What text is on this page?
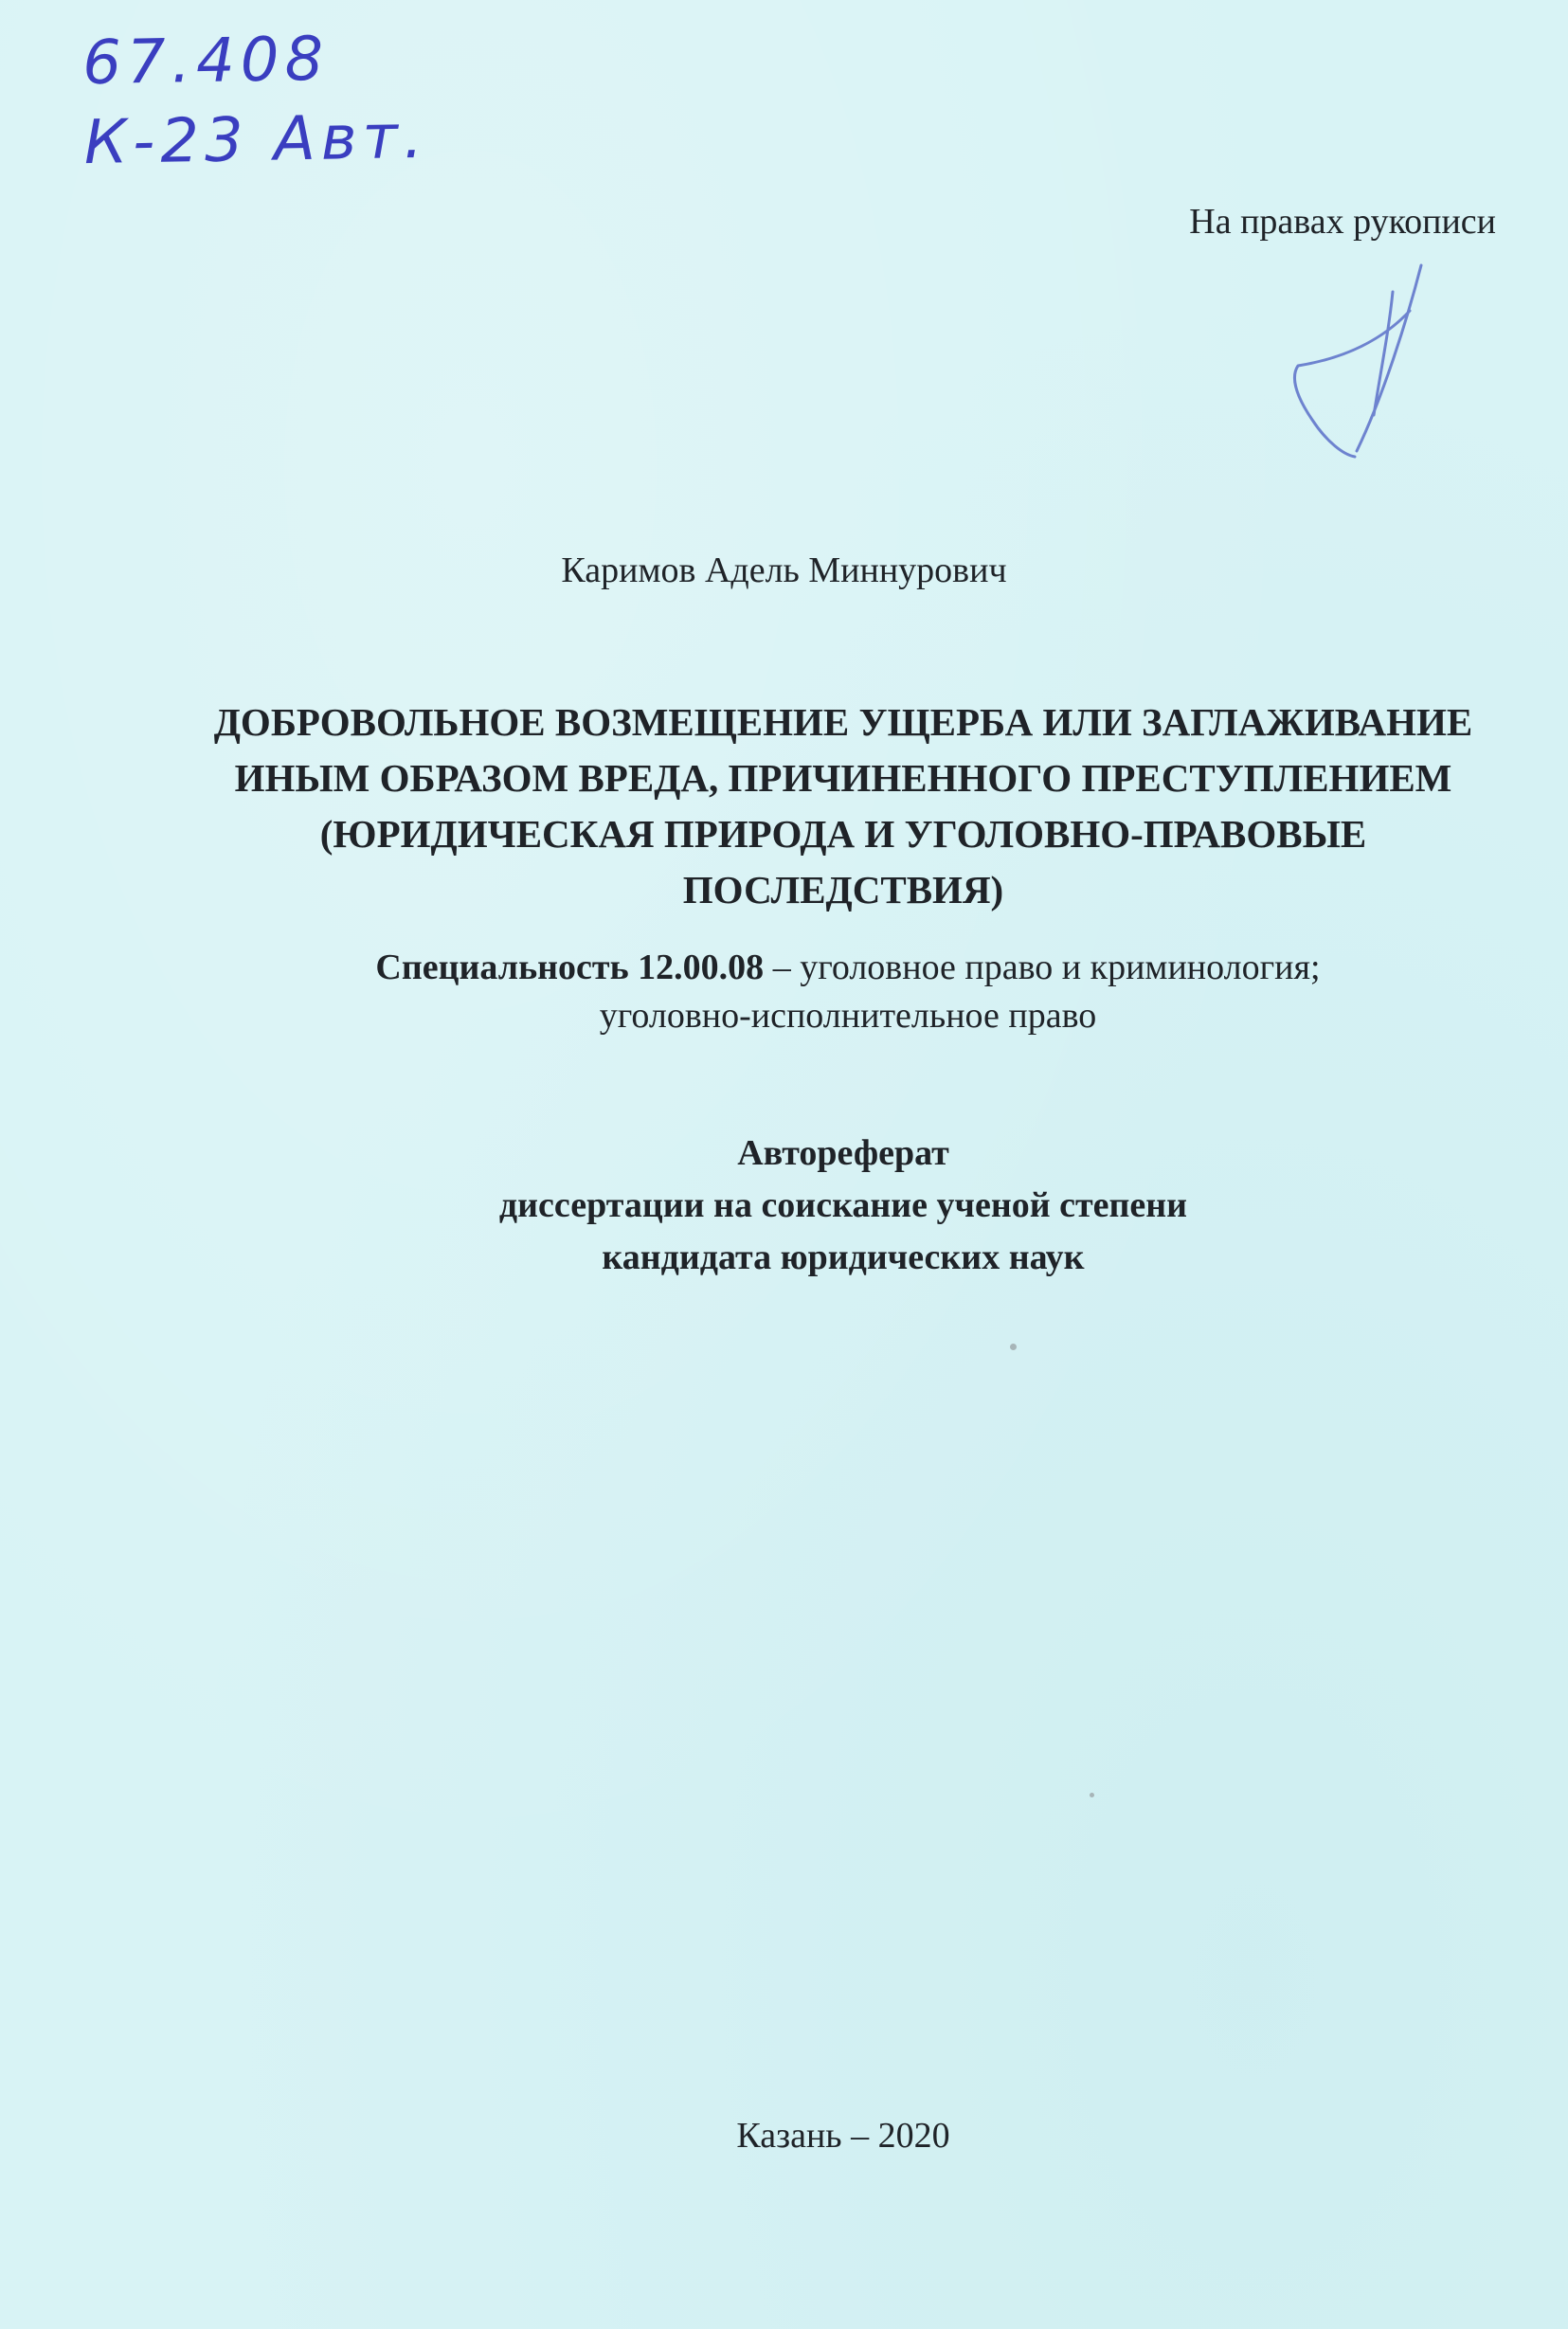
67.408
К-23 Авт.
На правах рукописи
Каримов Адель Миннурович
ДОБРОВОЛЬНОЕ ВОЗМЕЩЕНИЕ УЩЕРБА ИЛИ ЗАГЛАЖИВАНИЕ
ИНЫМ ОБРАЗОМ ВРЕДА, ПРИЧИНЕННОГО ПРЕСТУПЛЕНИЕМ
(ЮРИДИЧЕСКАЯ ПРИРОДА И УГОЛОВНО-ПРАВОВЫЕ
ПОСЛЕДСТВИЯ)
Специальность 12.00.08 – уголовное право и криминология;
уголовно-исполнительное право
Автореферат
диссертации на соискание ученой степени
кандидата юридических наук
Казань – 2020
